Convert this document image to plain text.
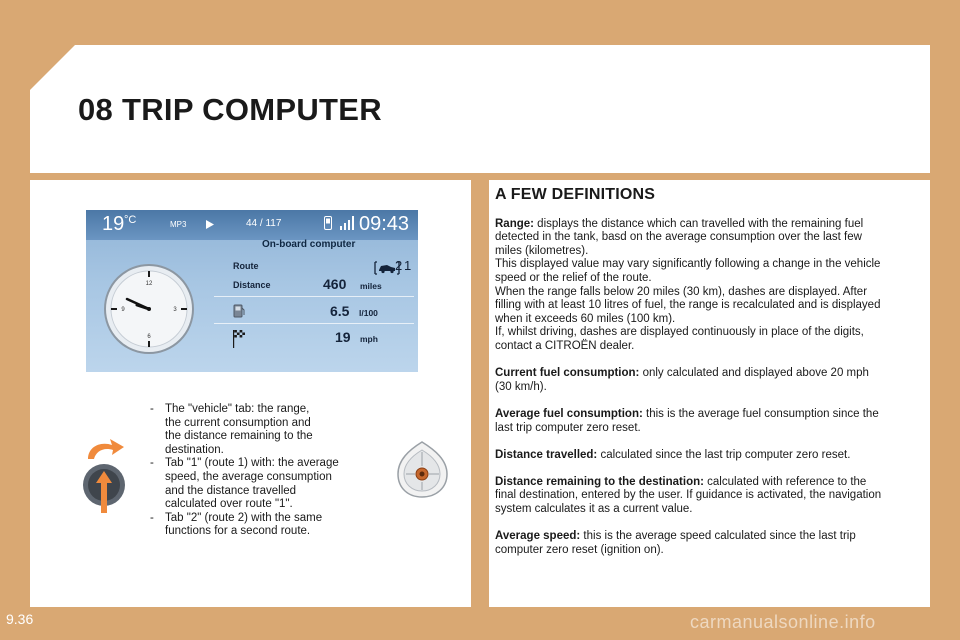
08 TRIP COMPUTER
19 °C	MP3	44 / 117	09:43
On-board computer
12
3
6
9
Route	1
Distance	460 miles
6.5 l/100
19 mph
2
- The "vehicle" tab: the range,
the current consumption and
the distance remaining to the
destination.
- Tab "1" (route 1) with: the average
speed, the average consumption
and the distance travelled
calculated over route "1".
- Tab "2" (route 2) with the same
functions for a second route.
A FEW DEFINITIONS
Range: displays the distance which can travelled with the remaining fuel
detected in the tank, basd on the average consumption over the last few
miles (kilometres).
This displayed value may vary significantly following a change in the vehicle
speed or the relief of the route.
When the range falls below 20 miles (30 km), dashes are displayed. After
filling with at least 10 litres of fuel, the range is recalculated and is displayed
when it exceeds 60 miles (100 km).
If, whilst driving, dashes are displayed continuously in place of the digits,
contact a CITROËN dealer.
Current fuel consumption: only calculated and displayed above 20 mph
(30 km/h).
Average fuel consumption: this is the average fuel consumption since the
last trip computer zero reset.
Distance travelled: calculated since the last trip computer zero reset.
Distance remaining to the destination: calculated with reference to the
final destination, entered by the user. If guidance is activated, the navigation
system calculates it as a current value.
Average speed: this is the average speed calculated since the last trip
computer zero reset (ignition on).
9.36	carmanualsonline.info
